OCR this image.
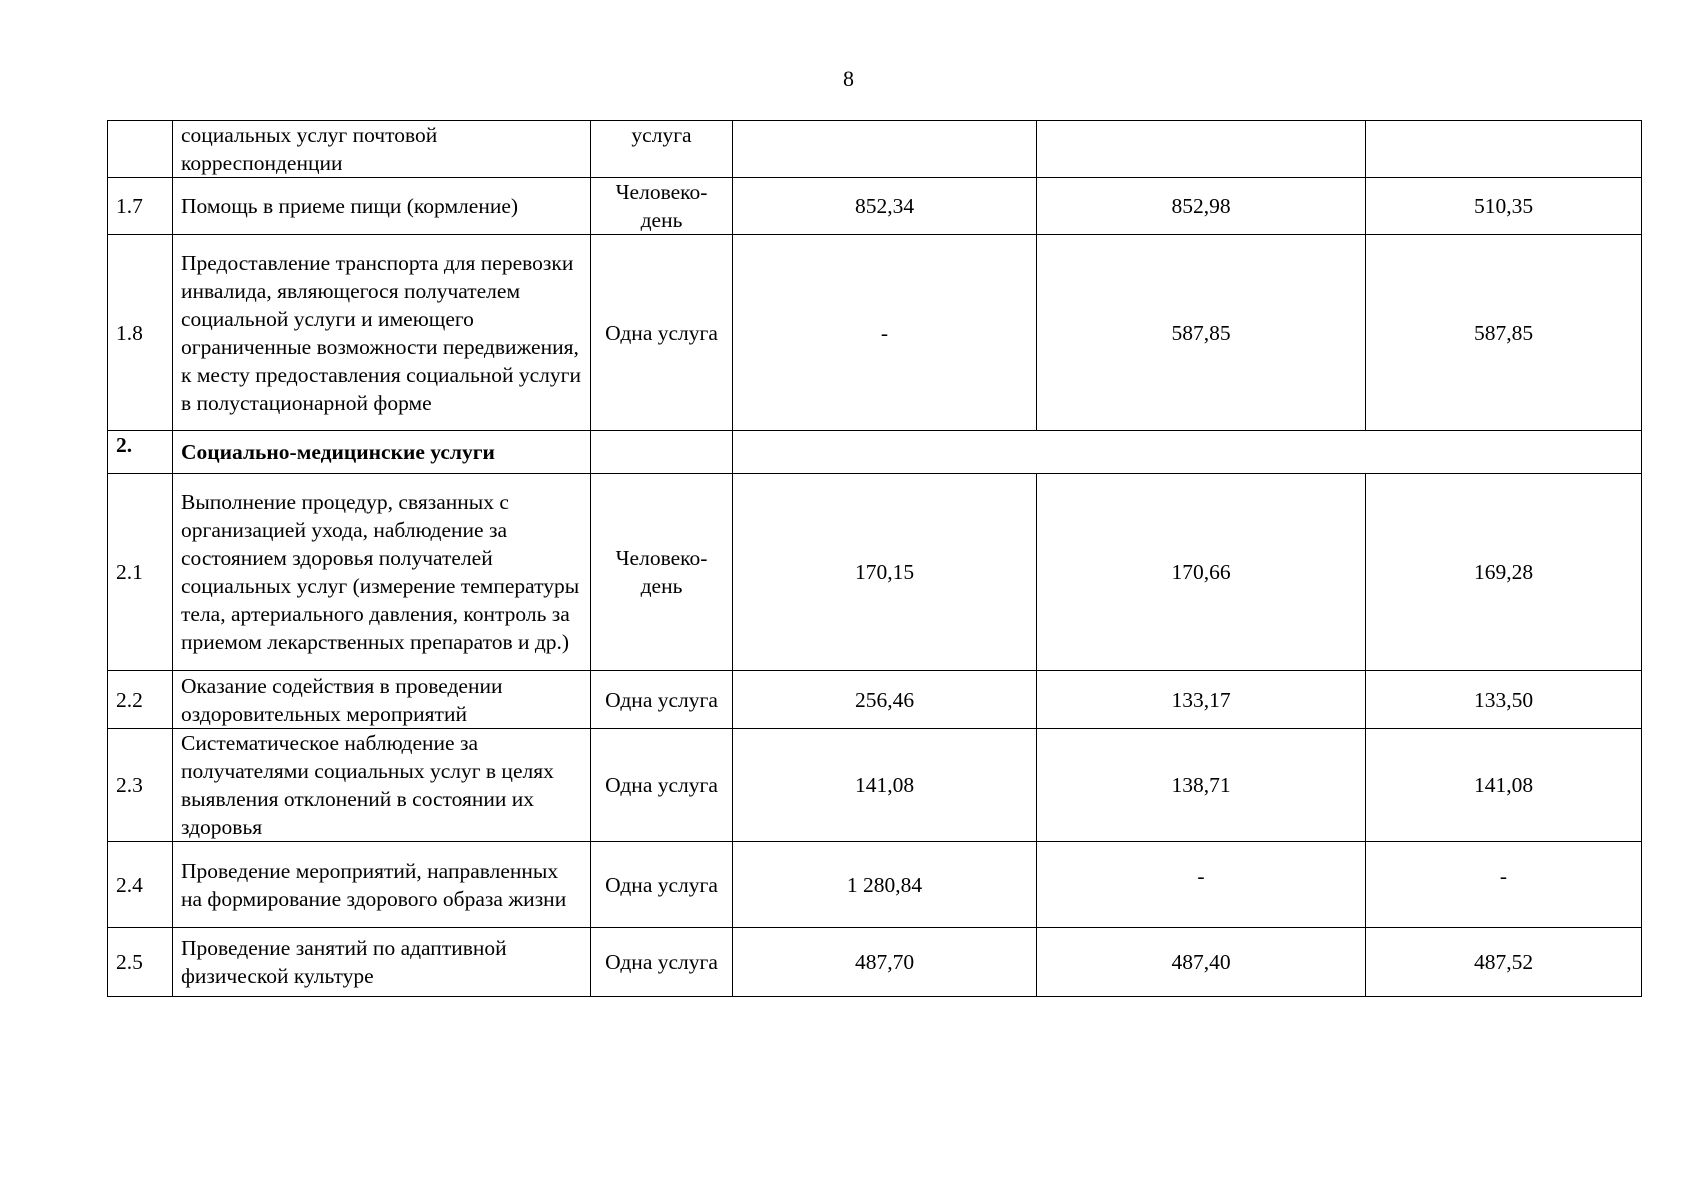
8
	социальных услуг почтовой корреспонденции	услуга			
1.7	Помощь в приеме пищи (кормление)	Человеко-день	852,34	852,98	510,35
1.8	Предоставление транспорта для перевозки инвалида, являющегося получателем социальной услуги и имеющего ограниченные возможности передвижения, к месту предоставления социальной услуги в полустационарной форме	Одна услуга	-	587,85	587,85
2.	Социально-медицинские услуги				
2.1	Выполнение процедур, связанных с организацией ухода, наблюдение за состоянием здоровья получателей социальных услуг (измерение температуры тела, артериального давления, контроль за приемом лекарственных препаратов и др.)	Человеко-день	170,15	170,66	169,28
2.2	Оказание содействия в проведении оздоровительных мероприятий	Одна услуга	256,46	133,17	133,50
2.3	Систематическое наблюдение за получателями социальных услуг в целях выявления отклонений в состоянии их здоровья	Одна услуга	141,08	138,71	141,08
2.4	Проведение мероприятий, направленных на формирование здорового образа жизни	Одна услуга	1 280,84	-	-
2.5	Проведение занятий по адаптивной физической культуре	Одна услуга	487,70	487,40	487,52
